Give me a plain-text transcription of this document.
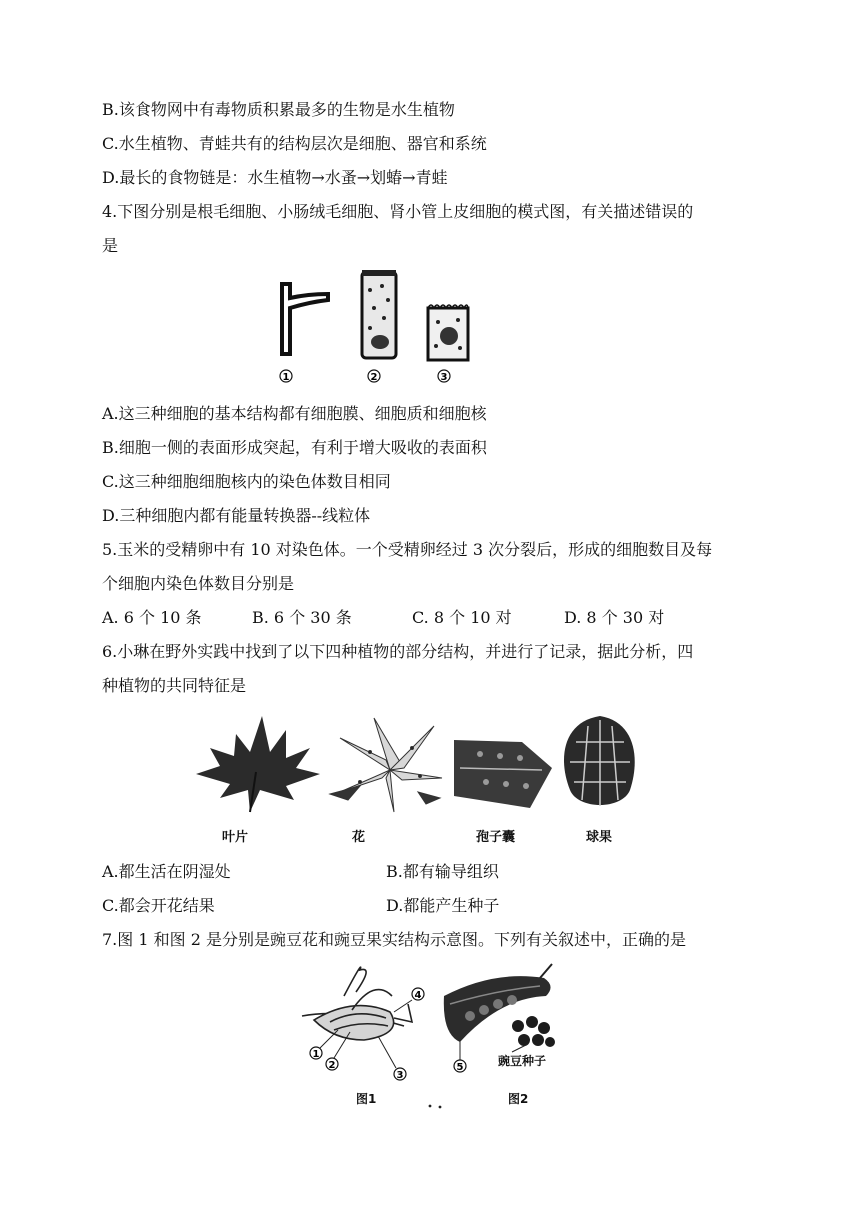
B.该食物网中有毒物质积累最多的生物是水生植物
C.水生植物、青蛙共有的结构层次是细胞、器官和系统
D.最长的食物链是：水生植物→水蚤→划蝽→青蛙
4.下图分别是根毛细胞、小肠绒毛细胞、肾小管上皮细胞的模式图，有关描述错误的
是
1	2	3
A.这三种细胞的基本结构都有细胞膜、细胞质和细胞核
B.细胞一侧的表面形成突起，有利于增大吸收的表面积
C.这三种细胞细胞核内的染色体数目相同
D.三种细胞内都有能量转换器--线粒体
5.玉米的受精卵中有 10 对染色体。一个受精卵经过 3 次分裂后，形成的细胞数目及每
个细胞内染色体数目分别是
A. 6 个 10 条	B. 6 个 30 条	C. 8 个 10 对	D. 8 个 30 对
6.小琳在野外实践中找到了以下四种植物的部分结构，并进行了记录，据此分析，四
种植物的共同特征是
叶片	花	孢子囊	球果
A.都生活在阴湿处	B.都有输导组织
C.都会开花结果	D.都能产生种子
7.图 1 和图 2 是分别是豌豆花和豌豆果实结构示意图。下列有关叙述中，正确的是
1
2
3
4
5	豌豆种子
图1	图2
